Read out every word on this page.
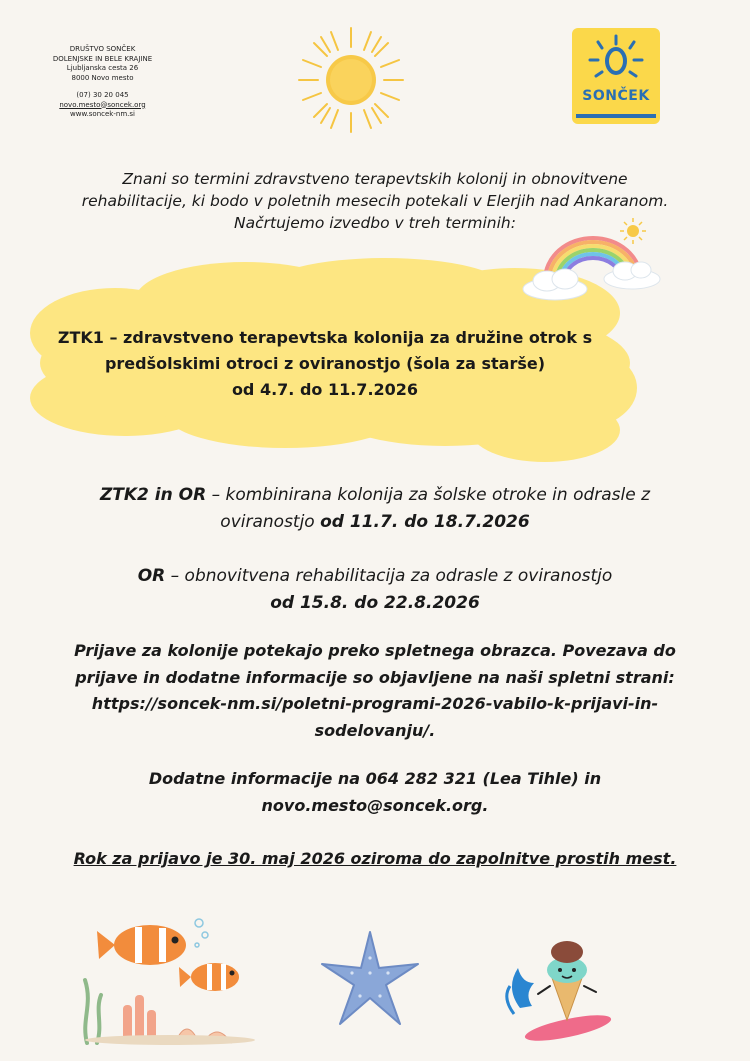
DRUŠTVO SONČEK
DOLENJSKE IN BELE KRAJINE
Ljubljanska cesta 26
8000 Novo mesto
(07) 30 20 045
novo.mesto@soncek.org
www.soncek-nm.si
SONČEK
Znani so termini zdravstveno terapevtskih kolonij in obnovitvene
rehabilitacije, ki bodo v poletnih mesecih potekali v Elerjih nad Ankaranom.
Načrtujemo izvedbo v treh terminih:
ZTK1 – zdravstveno terapevtska kolonija za družine otrok s
predšolskimi otroci z oviranostjo (šola za starše)
od 4.7. do 11.7.2026
ZTK2 in OR – kombinirana kolonija za šolske otroke in odrasle z
oviranostjo od 11.7. do 18.7.2026
OR – obnovitvena rehabilitacija za odrasle z oviranostjo
od 15.8. do 22.8.2026
Prijave za kolonije potekajo preko spletnega obrazca. Povezava do
prijave in dodatne informacije so objavljene na naši spletni strani:
https://soncek-nm.si/poletni-programi-2026-vabilo-k-prijavi-in-
sodelovanju/.
Dodatne informacije na 064 282 321 (Lea Tihle) in
novo.mesto@soncek.org.
Rok za prijavo je 30. maj 2026 oziroma do zapolnitve prostih mest.
